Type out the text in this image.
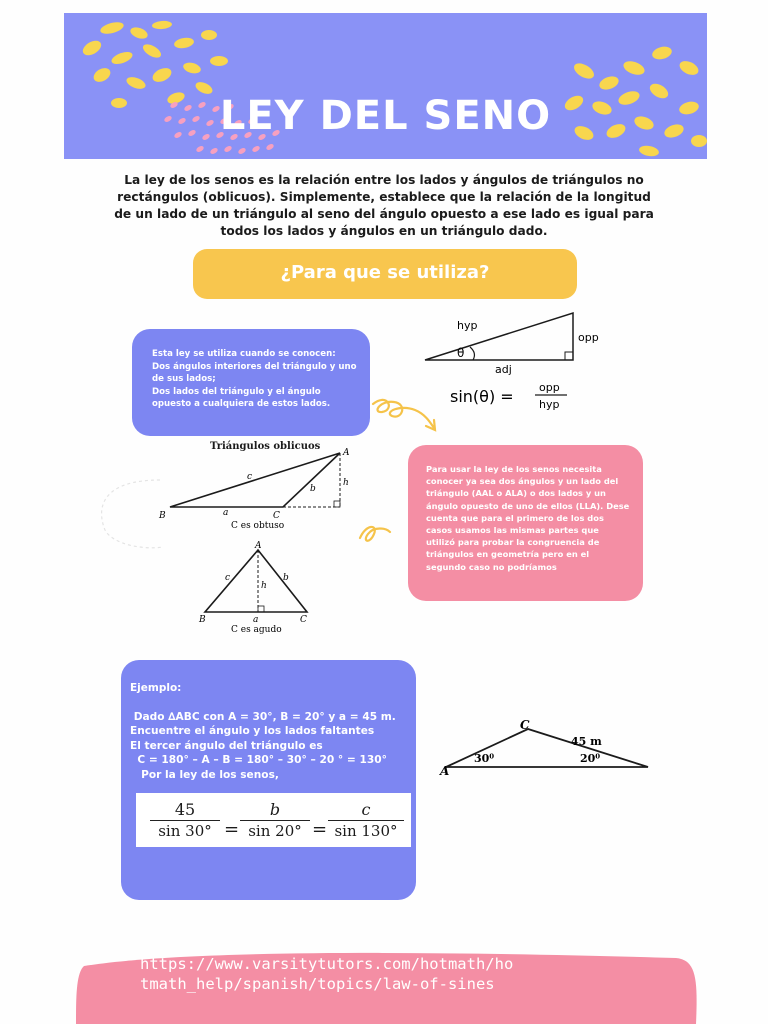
LEY DEL SENO
La ley de los senos es la relación entre los lados y ángulos de triángulos no rectángulos (oblicuos). Simplemente, establece que la relación de la longitud de un lado de un triángulo al seno del ángulo opuesto a ese lado es igual para todos los lados y ángulos en un triángulo dado.
¿Para que se utiliza?
Esta ley se utiliza cuando se conocen:
Dos ángulos interiores del triángulo y uno de sus lados;
Dos lados del triángulo y el ángulo opuesto a cualquiera de estos lados.
hyp
opp
adj
θ
sin(θ) = opp
hyp
Triángulos oblicuos
B	C
A
a
b
c
h
C es obtuso
A
B	C
c	b
h
a
C es agudo
Para usar la ley de los senos necesita conocer ya sea dos ángulos y un lado del triángulo (AAL o ALA) o dos lados y un ángulo opuesto de uno de ellos (LLA). Dese cuenta que para el primero de los dos casos usamos las mismas partes que utilizó para probar la congruencia de triángulos en geometría pero en el segundo caso no podríamos
Ejemplo:
Dado ∆ABC con A = 30°, B = 20° y a = 45 m.
Encuentre el ángulo y los lados faltantes
El tercer ángulo del triángulo es
C = 180° – A – B = 180° – 30° – 20 ° = 130°
Por la ley de los senos,
$\frac{45}{\sin 30^\circ} = \frac{b}{\sin 20^\circ} = \frac{c}{\sin 130^\circ}$
C
A
45 m
30⁰	20⁰
https://www.varsitytutors.com/hotmath/ho
tmath_help/spanish/topics/law-of-sines
